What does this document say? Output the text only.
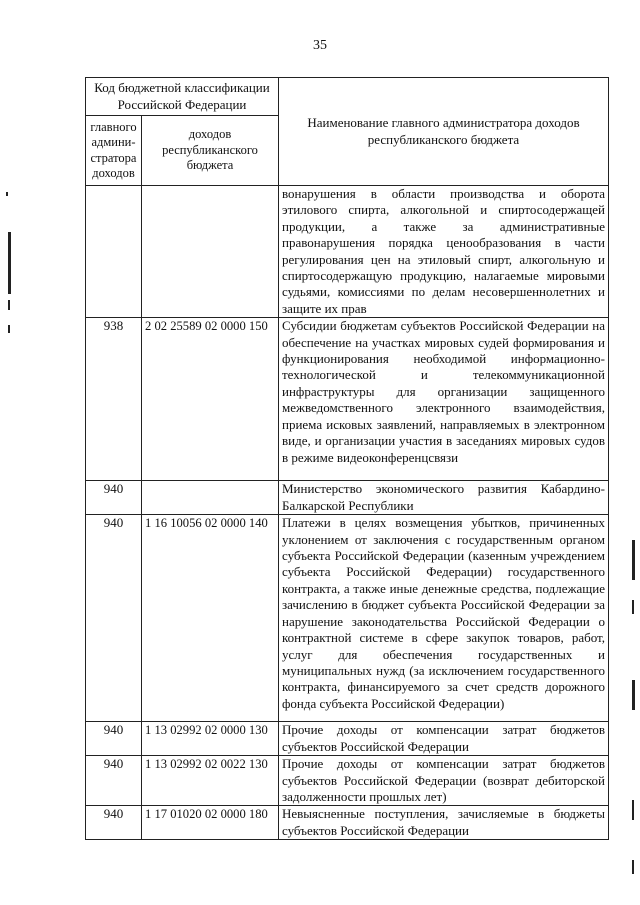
35
Код бюджетной классификации Российской Федерации		Наименование главного администратора доходов республиканского бюджета
главного админи-стратора доходов	доходов республиканского бюджета	
		вонарушения в области производства и оборота этилового спирта, алкогольной и спиртосодержащей продукции, а также за административные правонарушения порядка ценообразования в части регулирования цен на этиловый спирт, алкогольную и спиртосодержащую продукцию, налагаемые мировыми судьями, комиссиями по делам несовершеннолетних и защите их прав
938	2 02 25589 02 0000 150	Субсидии бюджетам субъектов Российской Федерации на обеспечение на участках мировых судей формирования и функционирования необходимой информационно-технологической и телекоммуникационной инфраструктуры для организации защищенного межведомственного электронного взаимодействия, приема исковых заявлений, направляемых в электронном виде, и организации участия в заседаниях мировых судов в режиме видеоконференцсвязи
940		Министерство экономического развития Кабардино-Балкарской Республики
940	1 16 10056 02 0000 140	Платежи в целях возмещения убытков, причиненных уклонением от заключения с государственным органом субъекта Российской Федерации (казенным учреждением субъекта Российской Федерации) государственного контракта, а также иные денежные средства, подлежащие зачислению в бюджет субъекта Российской Федерации за нарушение законодательства Российской Федерации о контрактной системе в сфере закупок товаров, работ, услуг для обеспечения государственных и муниципальных нужд (за исключением государственного контракта, финансируемого за счет средств дорожного фонда субъекта Российской Федерации)
940	1 13 02992 02 0000 130	Прочие доходы от компенсации затрат бюджетов субъектов Российской Федерации
940	1 13 02992 02 0022 130	Прочие доходы от компенсации затрат бюджетов субъектов Российской Федерации (возврат дебиторской задолженности прошлых лет)
940	1 17 01020 02 0000 180	Невыясненные поступления, зачисляемые в бюджеты субъектов Российской Федерации
